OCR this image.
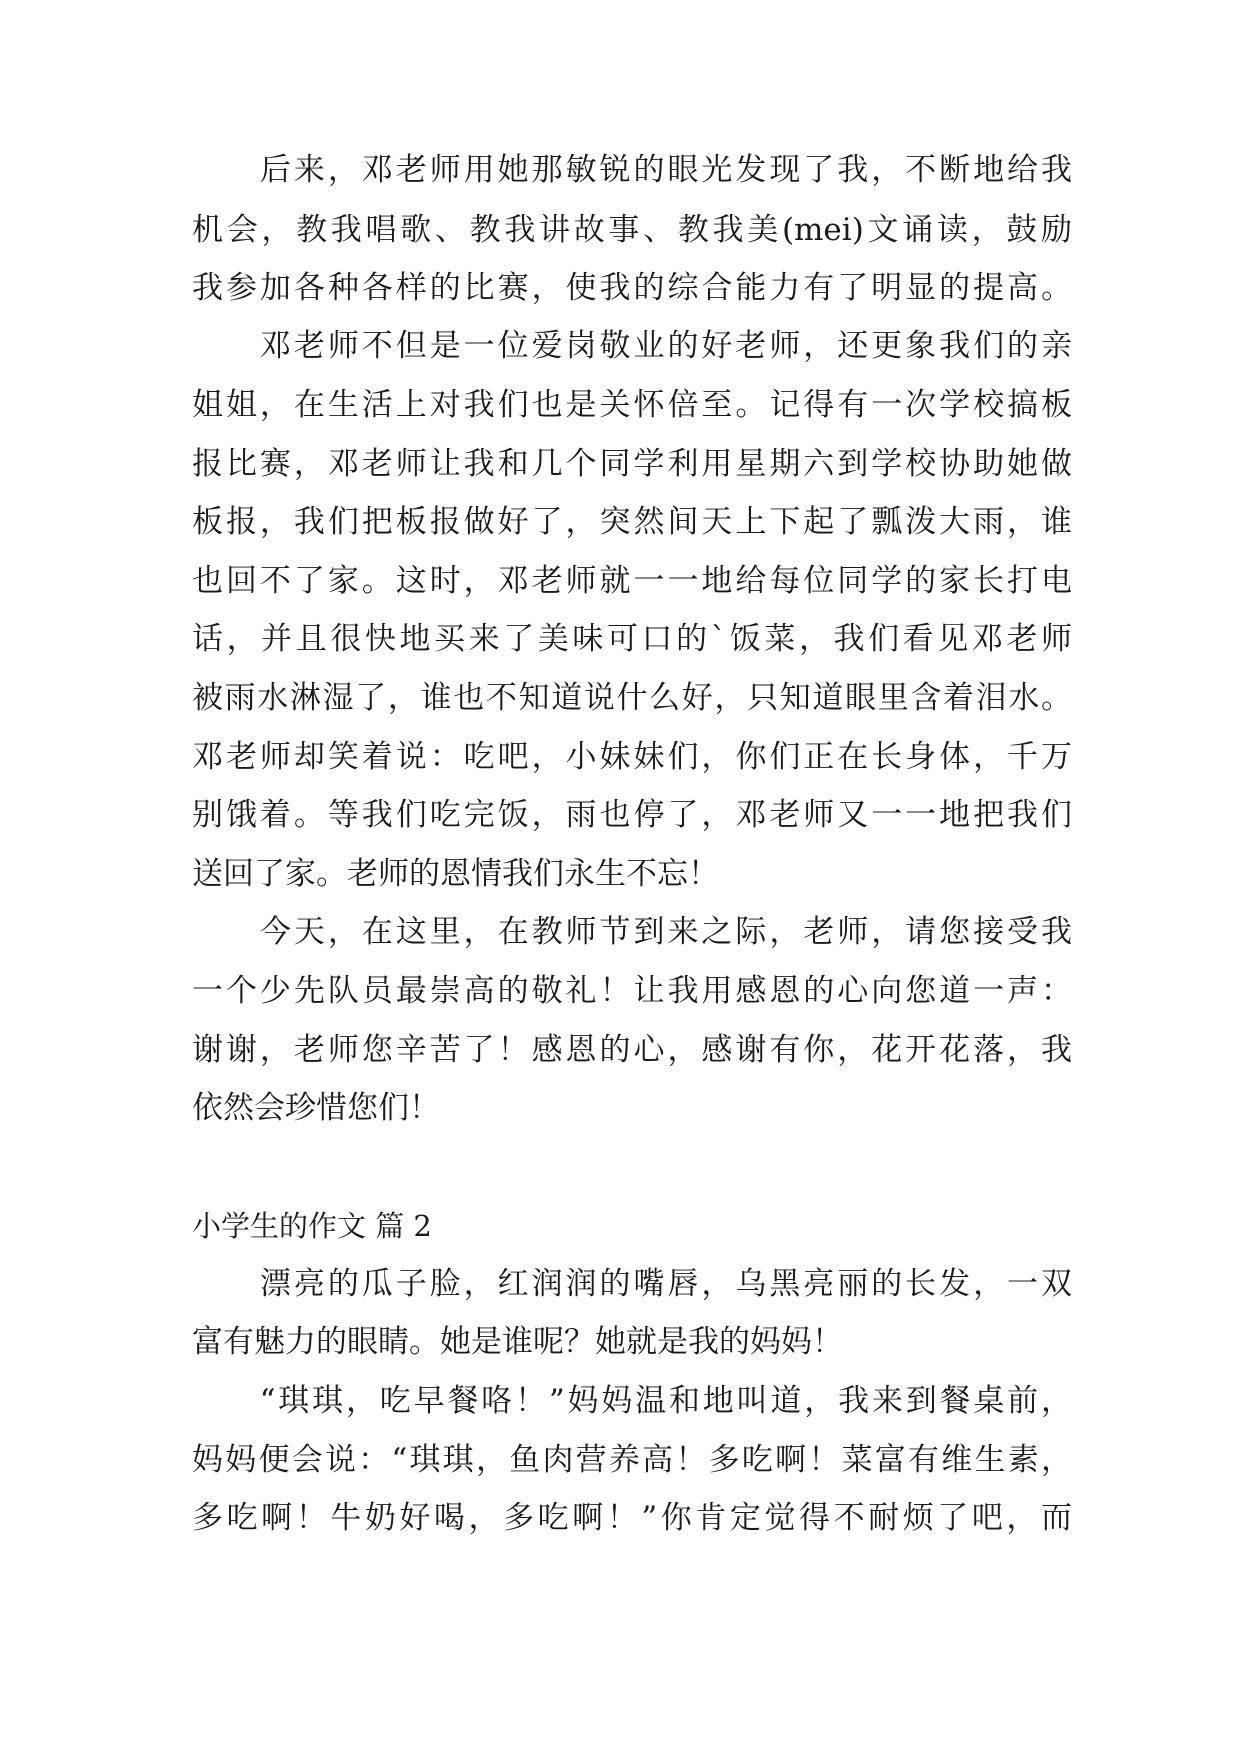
　　后来，邓老师用她那敏锐的眼光发现了我，不断地给我
机会，教我唱歌、教我讲故事、教我美(mei)文诵读，鼓励
我参加各种各样的比赛，使我的综合能力有了明显的提高。
　　邓老师不但是一位爱岗敬业的好老师，还更象我们的亲
姐姐，在生活上对我们也是关怀倍至。记得有一次学校搞板
报比赛，邓老师让我和几个同学利用星期六到学校协助她做
板报，我们把板报做好了，突然间天上下起了瓢泼大雨，谁
也回不了家。这时，邓老师就一一地给每位同学的家长打电
话，并且很快地买来了美味可口的`饭菜，我们看见邓老师
被雨水淋湿了，谁也不知道说什么好，只知道眼里含着泪水。
邓老师却笑着说：吃吧，小妹妹们，你们正在长身体，千万
别饿着。等我们吃完饭，雨也停了，邓老师又一一地把我们
送回了家。老师的恩情我们永生不忘！
　　今天，在这里，在教师节到来之际，老师，请您接受我
一个少先队员最崇高的敬礼！让我用感恩的心向您道一声：
谢谢，老师您辛苦了！感恩的心，感谢有你，花开花落，我
依然会珍惜您们！
小学生的作文 篇 2
　　漂亮的瓜子脸，红润润的嘴唇，乌黑亮丽的长发，一双
富有魅力的眼睛。她是谁呢？她就是我的妈妈！
　　“琪琪，吃早餐咯！”妈妈温和地叫道，我来到餐桌前，
妈妈便会说：“琪琪，鱼肉营养高！多吃啊！菜富有维生素，
多吃啊！牛奶好喝，多吃啊！”你肯定觉得不耐烦了吧，而
